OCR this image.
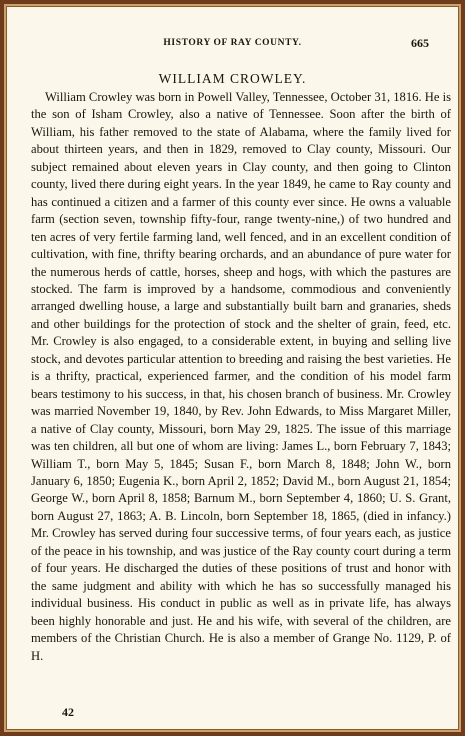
HISTORY OF RAY COUNTY.	665
WILLIAM CROWLEY.

William Crowley was born in Powell Valley, Tennessee, October 31, 1816. He is the son of Isham Crowley, also a native of Tennessee. Soon after the birth of William, his father removed to the state of Alabama, where the family lived for about thirteen years, and then in 1829, removed to Clay county, Missouri. Our subject remained about eleven years in Clay county, and then going to Clinton county, lived there during eight years. In the year 1849, he came to Ray county and has continued a citizen and a farmer of this county ever since. He owns a valuable farm (section seven, township fifty-four, range twenty-nine,) of two hundred and ten acres of very fertile farming land, well fenced, and in an excellent condition of cultivation, with fine, thrifty bearing orchards, and an abundance of pure water for the numerous herds of cattle, horses, sheep and hogs, with which the pastures are stocked. The farm is improved by a handsome, commodious and conveniently arranged dwelling house, a large and substantially built barn and granaries, sheds and other buildings for the protection of stock and the shelter of grain, feed, etc. Mr. Crowley is also engaged, to a considerable extent, in buying and selling live stock, and devotes particular attention to breeding and raising the best varieties. He is a thrifty, practical, experienced farmer, and the condition of his model farm bears testimony to his success, in that, his chosen branch of business. Mr. Crowley was married November 19, 1840, by Rev. John Edwards, to Miss Margaret Miller, a native of Clay county, Missouri, born May 29, 1825. The issue of this marriage was ten children, all but one of whom are living: James L., born February 7, 1843; William T., born May 5, 1845; Susan F., born March 8, 1848; John W., born January 6, 1850; Eugenia K., born April 2, 1852; David M., born August 21, 1854; George W., born April 8, 1858; Barnum M., born September 4, 1860; U. S. Grant, born August 27, 1863; A. B. Lincoln, born September 18, 1865, (died in infancy.) Mr. Crowley has served during four successive terms, of four years each, as justice of the peace in his township, and was justice of the Ray county court during a term of four years. He discharged the duties of these positions of trust and honor with the same judgment and ability with which he has so successfully managed his individual business. His conduct in public as well as in private life, has always been highly honorable and just. He and his wife, with several of the children, are members of the Christian Church. He is also a member of Grange No. 1129, P. of H.

42
